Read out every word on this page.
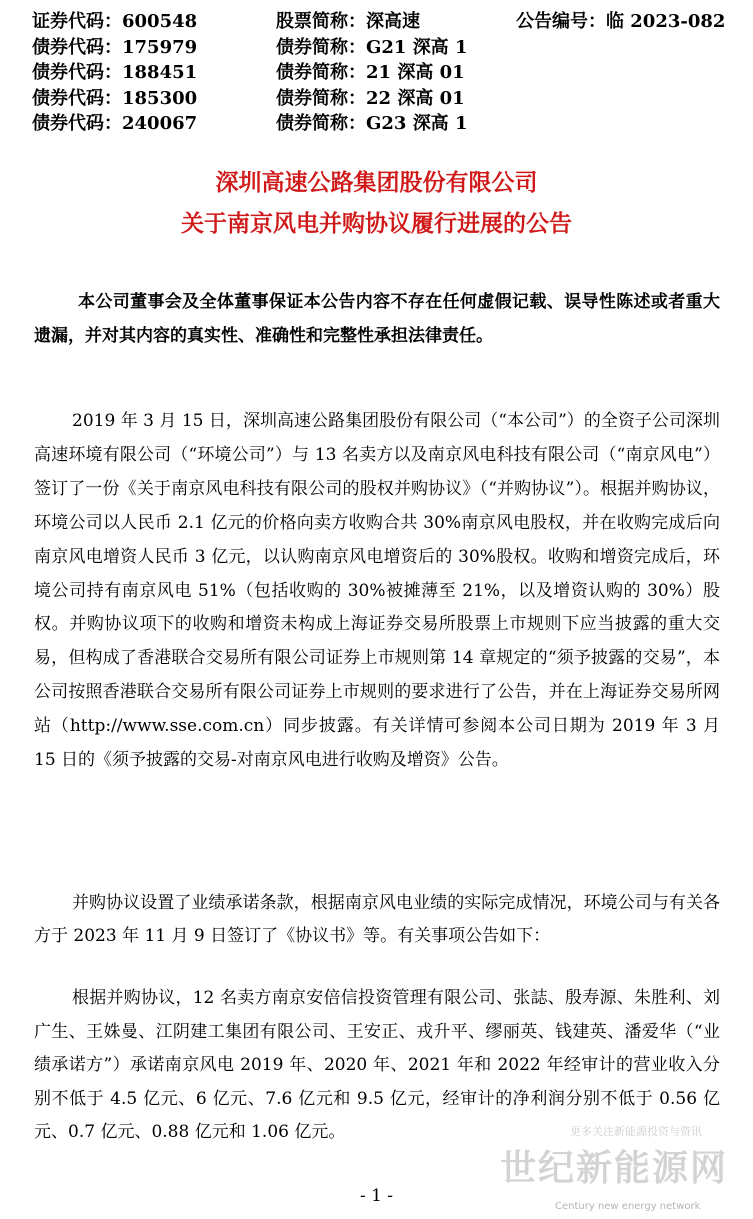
证券代码：600548	股票简称：深高速	公告编号：临 2023-082
债券代码：175979	债券简称：G21 深高 1
债券代码：188451	债券简称：21 深高 01
债券代码：185300	债券简称：22 深高 01
债券代码：240067	债券简称：G23 深高 1
深圳高速公路集团股份有限公司
关于南京风电并购协议履行进展的公告

本公司董事会及全体董事保证本公告内容不存在任何虚假记载、误导性陈述或者重大遗漏，并对其内容的真实性、准确性和完整性承担法律责任。

2019 年 3 月 15 日，深圳高速公路集团股份有限公司（“本公司”）的全资子公司深圳高速环境有限公司（“环境公司”）与 13 名卖方以及南京风电科技有限公司（“南京风电”）签订了一份《关于南京风电科技有限公司的股权并购协议》（“并购协议”）。根据并购协议，环境公司以人民币 2.1 亿元的价格向卖方收购合共 30%南京风电股权，并在收购完成后向南京风电增资人民币 3 亿元，以认购南京风电增资后的 30%股权。收购和增资完成后，环境公司持有南京风电 51%（包括收购的 30%被摊薄至 21%，以及增资认购的 30%）股权。并购协议项下的收购和增资未构成上海证券交易所股票上市规则下应当披露的重大交易，但构成了香港联合交易所有限公司证券上市规则第 14 章规定的“须予披露的交易”，本公司按照香港联合交易所有限公司证券上市规则的要求进行了公告，并在上海证券交易所网站（http://www.sse.com.cn）同步披露。有关详情可参阅本公司日期为 2019 年 3 月 15 日的《须予披露的交易-对南京风电进行收购及增资》公告。

并购协议设置了业绩承诺条款，根据南京风电业绩的实际完成情况，环境公司与有关各方于 2023 年 11 月 9 日签订了《协议书》等。有关事项公告如下：

根据并购协议，12 名卖方南京安倍信投资管理有限公司、张誌、殷寿源、朱胜利、刘广生、王姝曼、江阴建工集团有限公司、王安正、戎升平、缪丽英、钱建英、潘爱华（“业绩承诺方”）承诺南京风电 2019 年、2020 年、2021 年和 2022 年经审计的营业收入分别不低于 4.5 亿元、6 亿元、7.6 亿元和 9.5 亿元，经审计的净利润分别不低于 0.56 亿元、0.7 亿元、0.88 亿元和 1.06 亿元。	更多关注新能源投资与资讯
世纪新能源网
Century new energy network
- 1 -
